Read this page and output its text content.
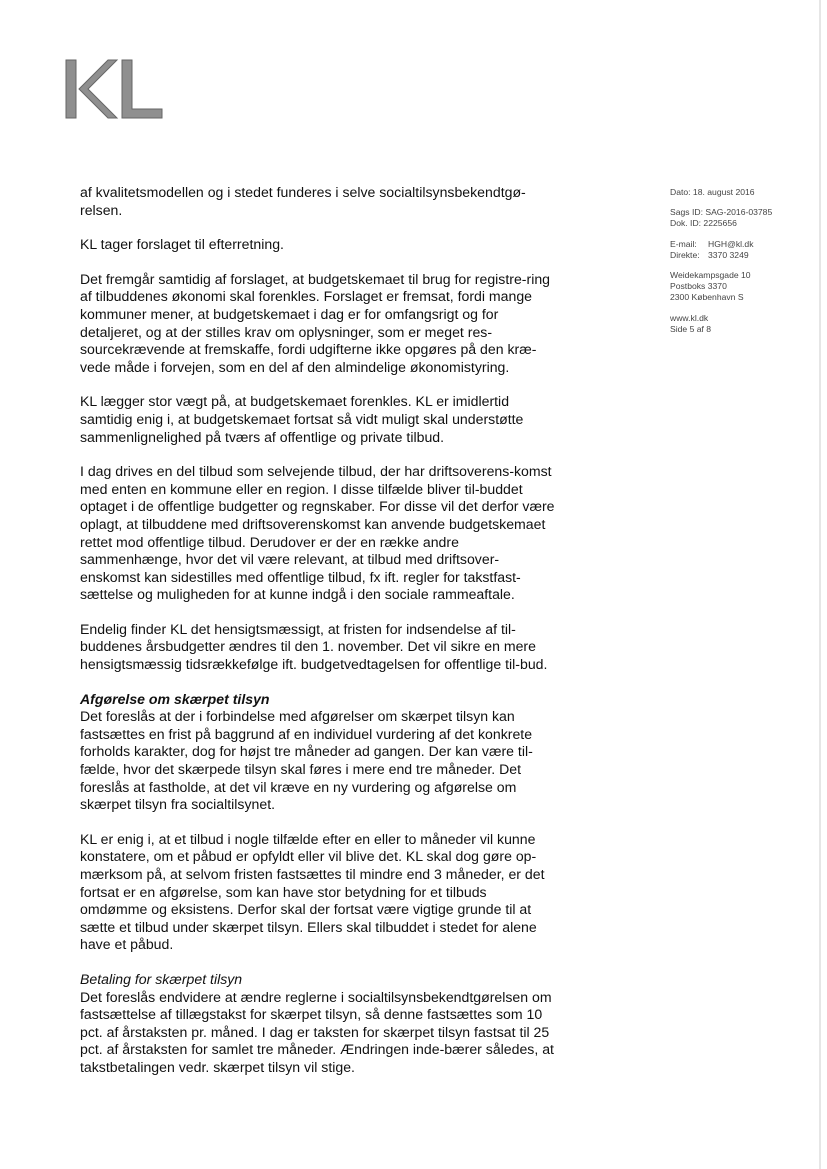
af kvalitetsmodellen og i stedet funderes i selve socialtilsynsbekendtgø-relsen.

KL tager forslaget til efterretning.

Det fremgår samtidig af forslaget, at budgetskemaet til brug for registre-ring af tilbuddenes økonomi skal forenkles. Forslaget er fremsat, fordi mange kommuner mener, at budgetskemaet i dag er for omfangsrigt og for detaljeret, og at der stilles krav om oplysninger, som er meget res-sourcekrævende at fremskaffe, fordi udgifterne ikke opgøres på den kræ-vede måde i forvejen, som en del af den almindelige økonomistyring.

KL lægger stor vægt på, at budgetskemaet forenkles. KL er imidlertid samtidig enig i, at budgetskemaet fortsat så vidt muligt skal understøtte sammenlignelighed på tværs af offentlige og private tilbud.

I dag drives en del tilbud som selvejende tilbud, der har driftsoverens-komst med enten en kommune eller en region. I disse tilfælde bliver til-buddet optaget i de offentlige budgetter og regnskaber. For disse vil det derfor være oplagt, at tilbuddene med driftsoverenskomst kan anvende budgetskemaet rettet mod offentlige tilbud. Derudover er der en række andre sammenhænge, hvor det vil være relevant, at tilbud med driftsover-enskomst kan sidestilles med offentlige tilbud, fx ift. regler for takstfast-sættelse og muligheden for at kunne indgå i den sociale rammeaftale.

Endelig finder KL det hensigtsmæssigt, at fristen for indsendelse af til-buddenes årsbudgetter ændres til den 1. november. Det vil sikre en mere hensigtsmæssig tidsrækkefølge ift. budgetvedtagelsen for offentlige til-bud.

Afgørelse om skærpet tilsyn
Det foreslås at der i forbindelse med afgørelser om skærpet tilsyn kan fastsættes en frist på baggrund af en individuel vurdering af det konkrete forholds karakter, dog for højst tre måneder ad gangen. Der kan være til-fælde, hvor det skærpede tilsyn skal føres i mere end tre måneder. Det foreslås at fastholde, at det vil kræve en ny vurdering og afgørelse om skærpet tilsyn fra socialtilsynet.

KL er enig i, at et tilbud i nogle tilfælde efter en eller to måneder vil kunne konstatere, om et påbud er opfyldt eller vil blive det. KL skal dog gøre op-mærksom på, at selvom fristen fastsættes til mindre end 3 måneder, er det fortsat er en afgørelse, som kan have stor betydning for et tilbuds omdømme og eksistens. Derfor skal der fortsat være vigtige grunde til at sætte et tilbud under skærpet tilsyn. Ellers skal tilbuddet i stedet for alene have et påbud.

Betaling for skærpet tilsyn
Det foreslås endvidere at ændre reglerne i socialtilsynsbekendtgørelsen om fastsættelse af tillægstakst for skærpet tilsyn, så denne fastsættes som 10 pct. af årstaksten pr. måned. I dag er taksten for skærpet tilsyn fastsat til 25 pct. af årstaksten for samlet tre måneder. Ændringen inde-bærer således, at takstbetalingen vedr. skærpet tilsyn vil stige.

Dato: 18. august 2016
Sags ID: SAG-2016-03785
Dok. ID: 2225656
E-mail:	HGH@kl.dk
Direkte: 3370 3249
Weidekampsgade 10
Postboks 3370
2300 København S
www.kl.dk
Side 5 af 8
